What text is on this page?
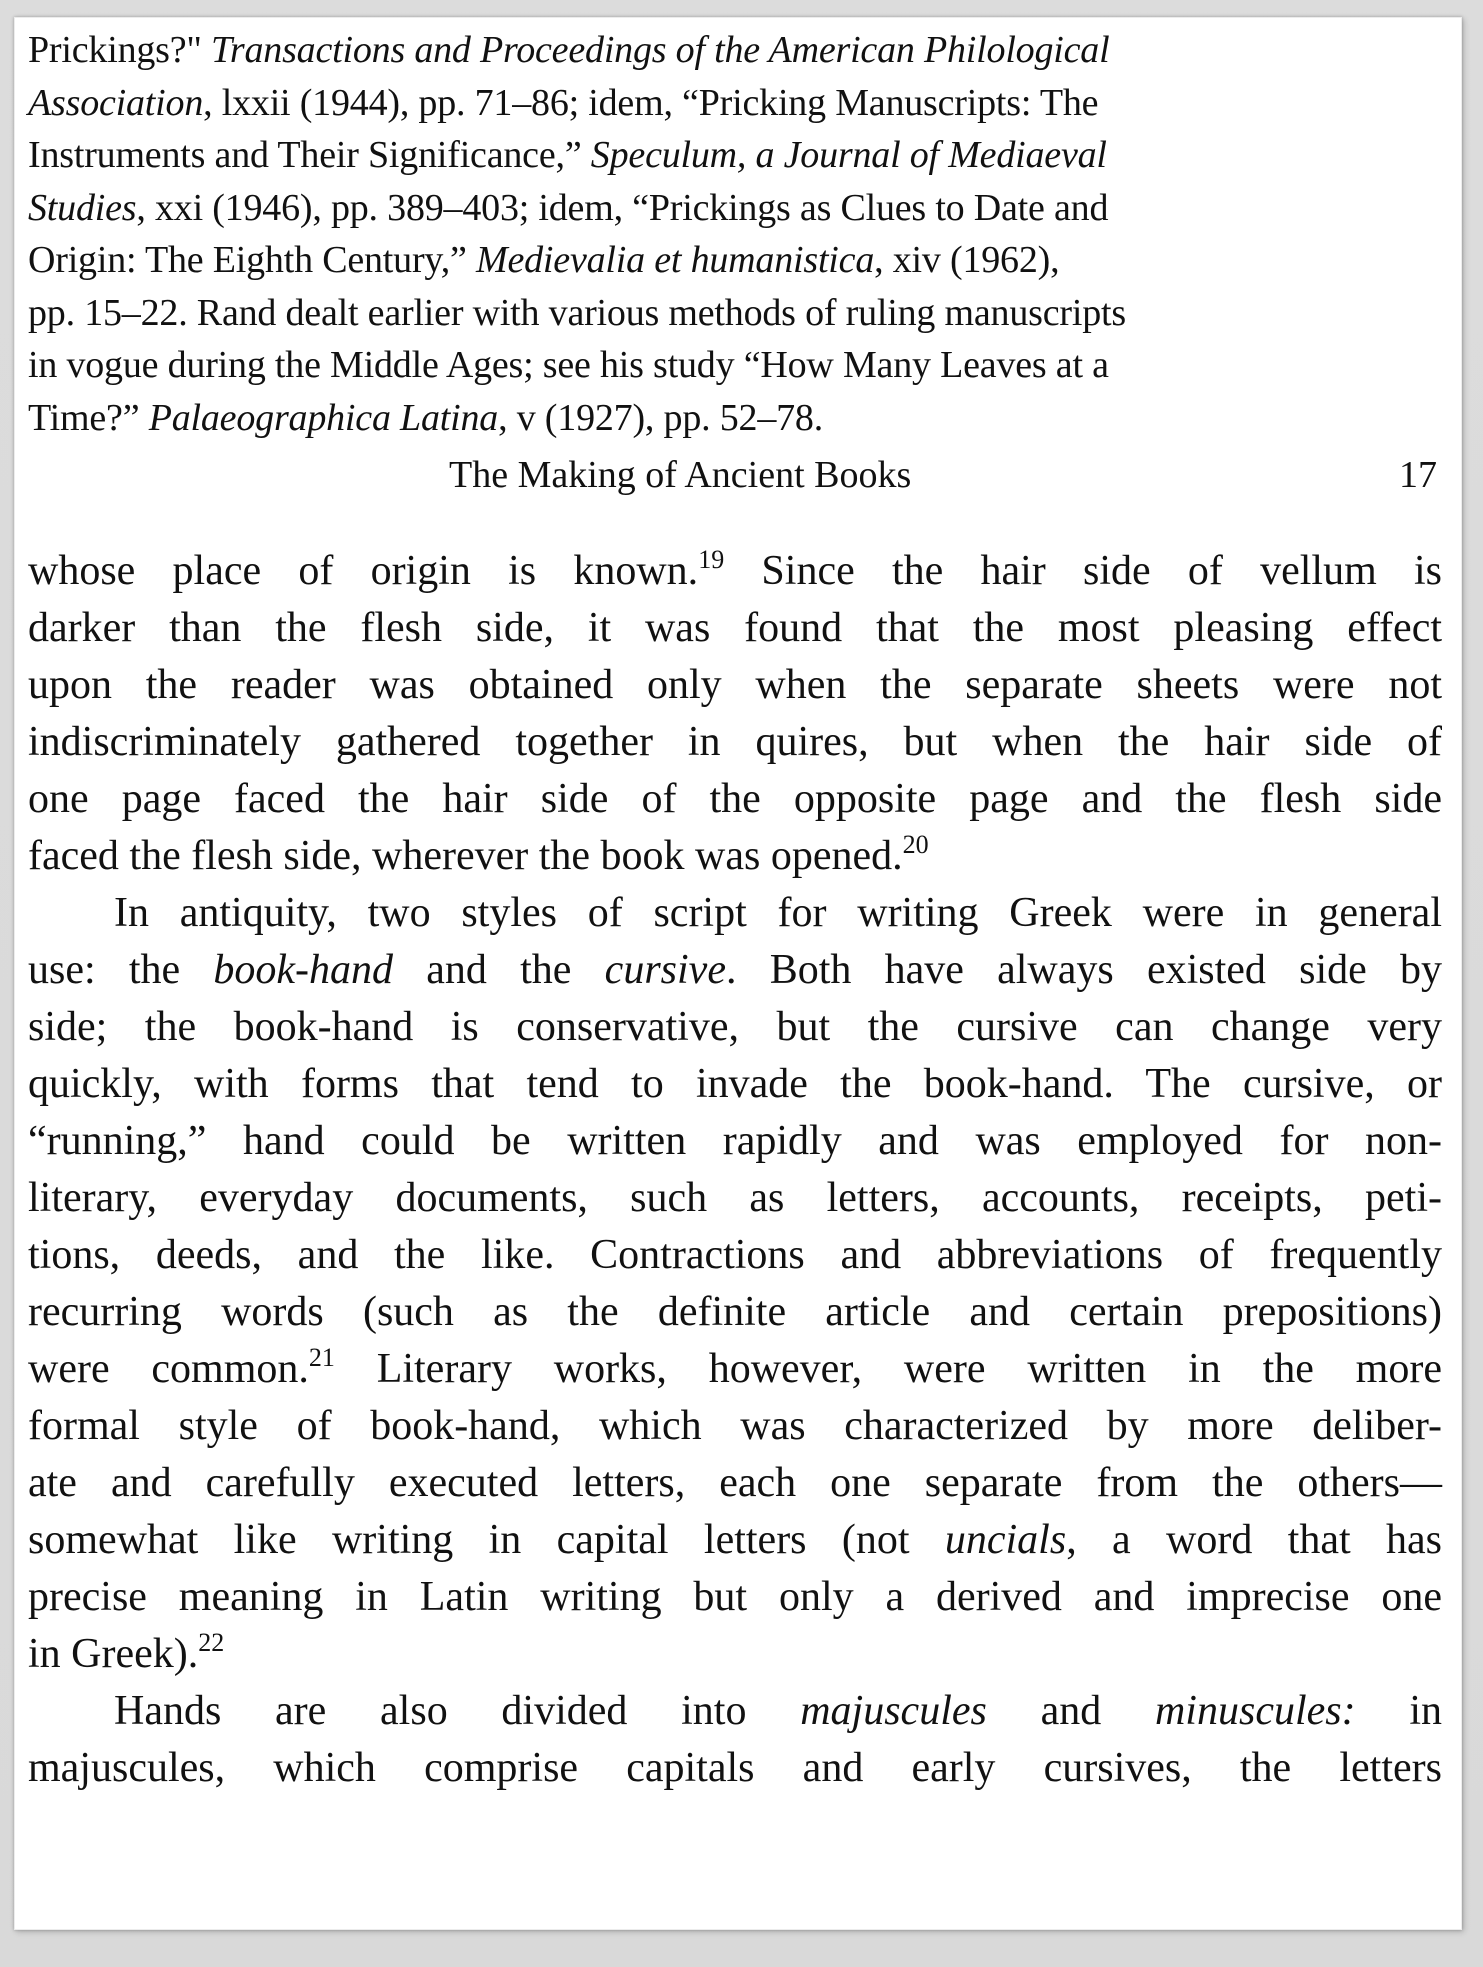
Prickings?" Transactions and Proceedings of the American Philological
Association, lxxii (1944), pp. 71–86; idem, “Pricking Manuscripts: The
Instruments and Their Significance,” Speculum, a Journal of Mediaeval
Studies, xxi (1946), pp. 389–403; idem, “Prickings as Clues to Date and
Origin: The Eighth Century,” Medievalia et humanistica, xiv (1962),
pp. 15–22. Rand dealt earlier with various methods of ruling manuscripts
in vogue during the Middle Ages; see his study “How Many Leaves at a
Time?” Palaeographica Latina, v (1927), pp. 52–78.
The Making of Ancient Books	17
whose place of origin is known.$^{19}$ Since the hair side of vellum is
darker than the flesh side, it was found that the most pleasing effect
upon the reader was obtained only when the separate sheets were not
indiscriminately gathered together in quires, but when the hair side of
one page faced the hair side of the opposite page and the flesh side
faced the flesh side, wherever the book was opened.$^{20}$
In antiquity, two styles of script for writing Greek were in general
use: the book-hand and the cursive. Both have always existed side by
side; the book-hand is conservative, but the cursive can change very
quickly, with forms that tend to invade the book-hand. The cursive, or
“running,” hand could be written rapidly and was employed for non-
literary, everyday documents, such as letters, accounts, receipts, peti-
tions, deeds, and the like. Contractions and abbreviations of frequently
recurring words (such as the definite article and certain prepositions)
were common.$^{21}$ Literary works, however, were written in the more
formal style of book-hand, which was characterized by more deliber-
ate and carefully executed letters, each one separate from the others—
somewhat like writing in capital letters (not uncials, a word that has
precise meaning in Latin writing but only a derived and imprecise one
in Greek).$^{22}$
Hands are also divided into majuscules and minuscules: in
majuscules, which comprise capitals and early cursives, the letters
